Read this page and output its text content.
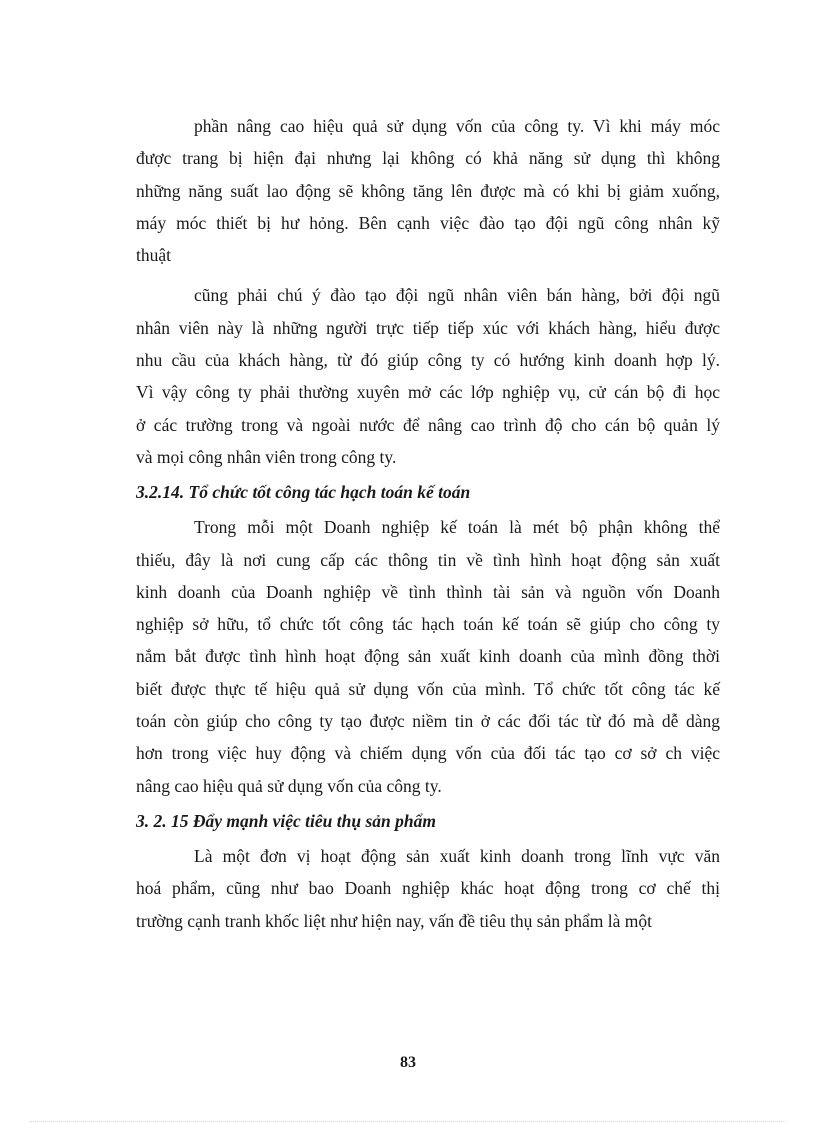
phần nâng cao hiệu quả sử dụng vốn của công ty. Vì khi máy móc
được trang bị hiện đại nhưng lại không có khả năng sử dụng thì không
những năng suất lao động sẽ không tăng lên được mà có khi bị giảm xuống,
máy móc thiết bị hư hỏng. Bên cạnh việc đào tạo đội ngũ công nhân kỹ
thuật

cũng phải chú ý đào tạo đội ngũ nhân viên bán hàng, bởi đội ngũ
nhân viên này là những người trực tiếp tiếp xúc với khách hàng, hiểu được
nhu cầu của khách hàng, từ đó giúp công ty có hướng kinh doanh hợp lý.
Vì vậy công ty phải thường xuyên mở các lớp nghiệp vụ, cử cán bộ đi học
ở các trường trong và ngoài nước để nâng cao trình độ cho cán bộ quản lý
và mọi công nhân viên trong công ty.

3.2.14. Tổ chức tốt công tác hạch toán kế toán

Trong mỗi một Doanh nghiệp kế toán là mét bộ phận không thể
thiếu, đây là nơi cung cấp các thông tin về tình hình hoạt động sản xuất
kinh doanh của Doanh nghiệp về tình thình tài sản và nguồn vốn Doanh
nghiệp sở hữu, tổ chức tốt công tác hạch toán kế toán sẽ giúp cho công ty
nắm bắt được tình hình hoạt động sản xuất kinh doanh của mình đồng thời
biết được thực tế hiệu quả sử dụng vốn của mình. Tổ chức tốt công tác kế
toán còn giúp cho công ty tạo được niềm tin ở các đối tác từ đó mà dễ dàng
hơn trong việc huy động và chiếm dụng vốn của đối tác tạo cơ sở ch việc
nâng cao hiệu quả sử dụng vốn của công ty.

3. 2. 15 Đẩy mạnh việc tiêu thụ sản phẩm

Là một đơn vị hoạt động sản xuất kinh doanh trong lĩnh vực văn
hoá phẩm, cũng như bao Doanh nghiệp khác hoạt động trong cơ chế thị
trường cạnh tranh khốc liệt như hiện nay, vấn đề tiêu thụ sản phẩm là một

83
